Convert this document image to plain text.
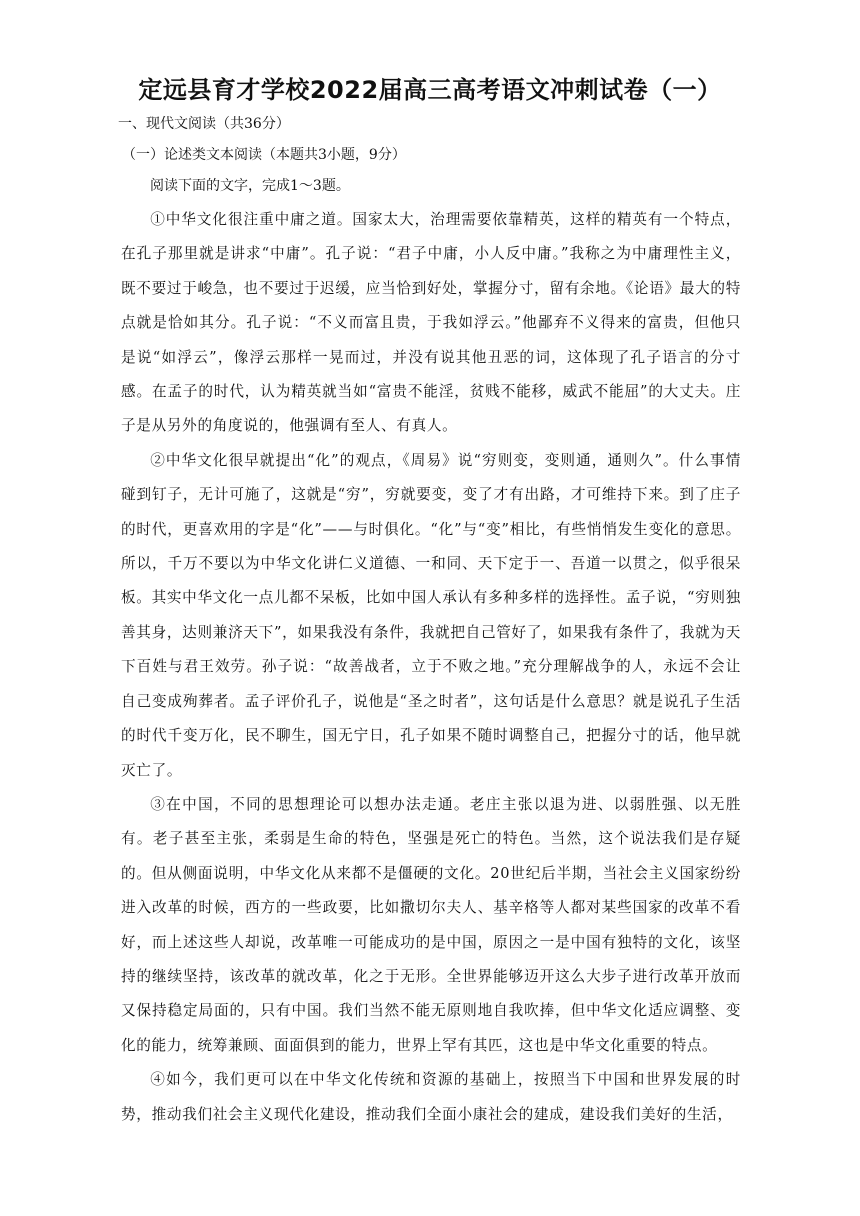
定远县育才学校2022届高三高考语文冲刺试卷（一）
一、现代文阅读（共36分）
（一）论述类文本阅读（本题共3小题，9分）
阅读下面的文字，完成1～3题。

①中华文化很注重中庸之道。国家太大，治理需要依靠精英，这样的精英有一个特点，在孔子那里就是讲求“中庸”。孔子说：“君子中庸，小人反中庸。”我称之为中庸理性主义，既不要过于峻急，也不要过于迟缓，应当恰到好处，掌握分寸，留有余地。《论语》最大的特点就是恰如其分。孔子说：“不义而富且贵，于我如浮云。”他鄙弃不义得来的富贵，但他只是说“如浮云”，像浮云那样一晃而过，并没有说其他丑恶的词，这体现了孔子语言的分寸感。在孟子的时代，认为精英就当如“富贵不能淫，贫贱不能移，威武不能屈”的大丈夫。庄子是从另外的角度说的，他强调有至人、有真人。

②中华文化很早就提出“化”的观点，《周易》说“穷则变，变则通，通则久”。什么事情碰到钉子，无计可施了，这就是“穷”，穷就要变，变了才有出路，才可维持下来。到了庄子的时代，更喜欢用的字是“化”——与时俱化。“化”与“变”相比，有些悄悄发生变化的意思。所以，千万不要以为中华文化讲仁义道德、一和同、天下定于一、吾道一以贯之，似乎很呆板。其实中华文化一点儿都不呆板，比如中国人承认有多种多样的选择性。孟子说，“穷则独善其身，达则兼济天下”，如果我没有条件，我就把自己管好了，如果我有条件了，我就为天下百姓与君王效劳。孙子说：“故善战者，立于不败之地。”充分理解战争的人，永远不会让自己变成殉葬者。孟子评价孔子，说他是“圣之时者”，这句话是什么意思？就是说孔子生活的时代千变万化，民不聊生，国无宁日，孔子如果不随时调整自己，把握分寸的话，他早就灭亡了。

③在中国，不同的思想理论可以想办法走通。老庄主张以退为进、以弱胜强、以无胜有。老子甚至主张，柔弱是生命的特色，坚强是死亡的特色。当然，这个说法我们是存疑的。但从侧面说明，中华文化从来都不是僵硬的文化。20世纪后半期，当社会主义国家纷纷进入改革的时候，西方的一些政要，比如撒切尔夫人、基辛格等人都对某些国家的改革不看好，而上述这些人却说，改革唯一可能成功的是中国，原因之一是中国有独特的文化，该坚持的继续坚持，该改革的就改革，化之于无形。全世界能够迈开这么大步子进行改革开放而又保持稳定局面的，只有中国。我们当然不能无原则地自我吹捧，但中华文化适应调整、变化的能力，统筹兼顾、面面俱到的能力，世界上罕有其匹，这也是中华文化重要的特点。

④如今，我们更可以在中华文化传统和资源的基础上，按照当下中国和世界发展的时势，推动我们社会主义现代化建设，推动我们全面小康社会的建成，建设我们美好的生活，
